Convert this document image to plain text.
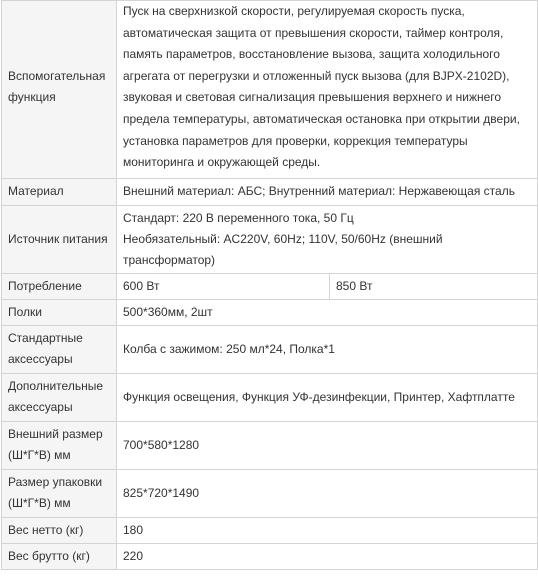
Вспомогательная функция	Пуск на сверхнизкой скорости, регулируемая скорость пуска, автоматическая защита от превышения скорости, таймер контроля, память параметров, восстановление вызова, защита холодильного агрегата от перегрузки и отложенный пуск вызова (для BJPX-2102D), звуковая и световая сигнализация превышения верхнего и нижнего предела температуры, автоматическая остановка при открытии двери, установка параметров для проверки, коррекция температуры мониторинга и окружающей среды.	
Материал	Внешний материал: АБС; Внутренний материал: Нержавеющая сталь	
Источник питания	Стандарт: 220 В переменного тока, 50 Гц
Необязательный: AC220V, 60Hz; 110V, 50/60Hz (внешний трансформатор)	

Потребление	600 Вт	850 Вт
Полки	500*360мм, 2шт	
Стандартные аксессуары	Колба с зажимом: 250 мл*24, Полка*1	
Дополнительные аксессуары	Функция освещения, Функция УФ-дезинфекции, Принтер, Хафтплатте	
Внешний размер (Ш*Г*В) мм	700*580*1280	
Размер упаковки (Ш*Г*В) мм	825*720*1490	
Вес нетто (кг)	180	
Вес брутто (кг)	220	
